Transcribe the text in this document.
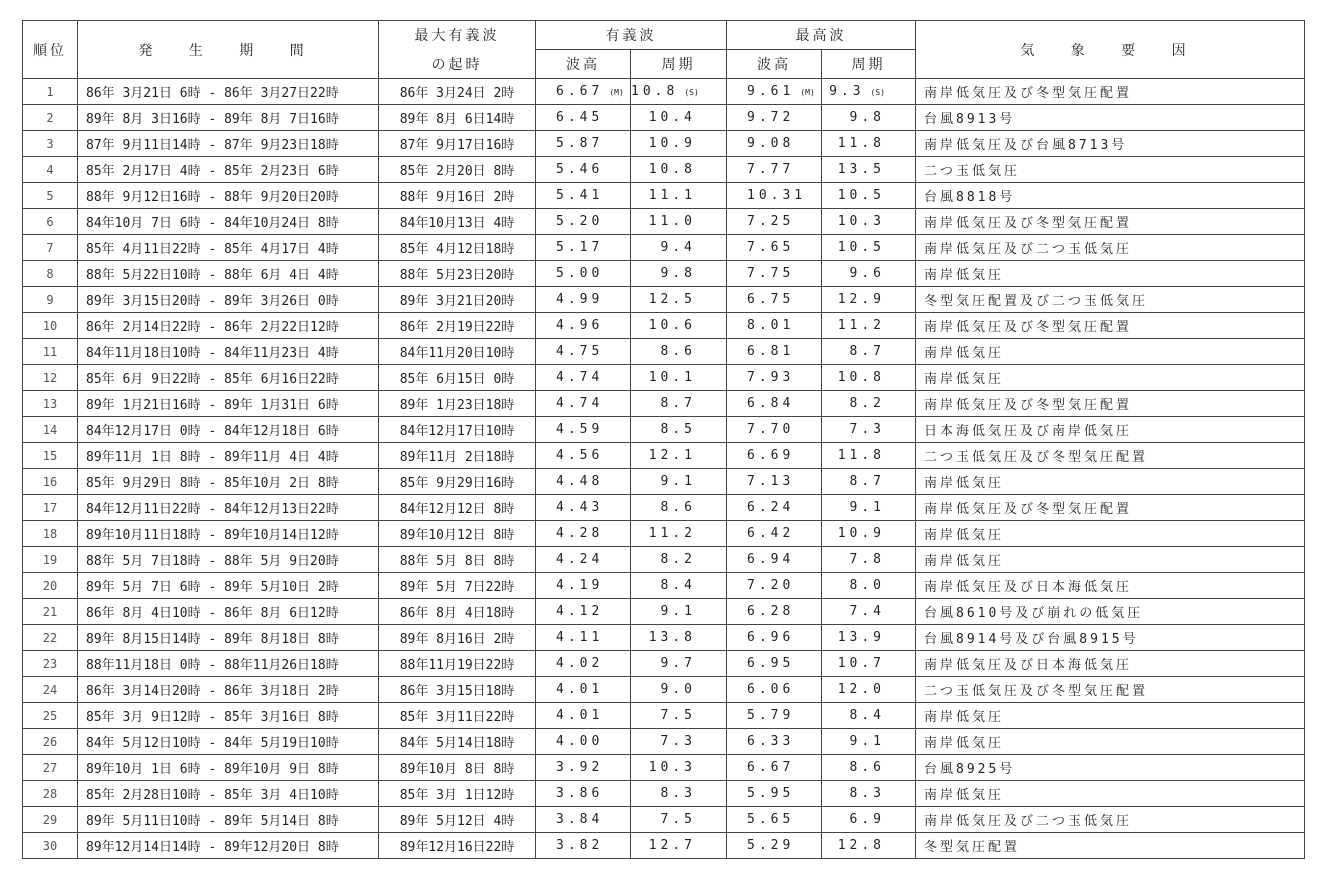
順位	発 生 期 間	最大有義波	有義波		最高波		気 象 要 因
		の起時	波高	周期	波高	周期	
1	86年 3月21日 6時 - 86年 3月27日22時	86年 3月24日 2時	6.67 (M)	10.8 (S)	9.61 (M)	9.3 (S)	南岸低気圧及び冬型気圧配置
2	89年 8月 3日16時 - 89年 8月 7日16時	89年 8月 6日14時	6.45	10.4	9.72	9.8	台風8913号
3	87年 9月11日14時 - 87年 9月23日18時	87年 9月17日16時	5.87	10.9	9.08	11.8	南岸低気圧及び台風8713号
4	85年 2月17日 4時 - 85年 2月23日 6時	85年 2月20日 8時	5.46	10.8	7.77	13.5	二つ玉低気圧
5	88年 9月12日16時 - 88年 9月20日20時	88年 9月16日 2時	5.41	11.1	10.31	10.5	台風8818号
6	84年10月 7日 6時 - 84年10月24日 8時	84年10月13日 4時	5.20	11.0	7.25	10.3	南岸低気圧及び冬型気圧配置
7	85年 4月11日22時 - 85年 4月17日 4時	85年 4月12日18時	5.17	9.4	7.65	10.5	南岸低気圧及び二つ玉低気圧
8	88年 5月22日10時 - 88年 6月 4日 4時	88年 5月23日20時	5.00	9.8	7.75	9.6	南岸低気圧
9	89年 3月15日20時 - 89年 3月26日 0時	89年 3月21日20時	4.99	12.5	6.75	12.9	冬型気圧配置及び二つ玉低気圧
10	86年 2月14日22時 - 86年 2月22日12時	86年 2月19日22時	4.96	10.6	8.01	11.2	南岸低気圧及び冬型気圧配置
11	84年11月18日10時 - 84年11月23日 4時	84年11月20日10時	4.75	8.6	6.81	8.7	南岸低気圧
12	85年 6月 9日22時 - 85年 6月16日22時	85年 6月15日 0時	4.74	10.1	7.93	10.8	南岸低気圧
13	89年 1月21日16時 - 89年 1月31日 6時	89年 1月23日18時	4.74	8.7	6.84	8.2	南岸低気圧及び冬型気圧配置
14	84年12月17日 0時 - 84年12月18日 6時	84年12月17日10時	4.59	8.5	7.70	7.3	日本海低気圧及び南岸低気圧
15	89年11月 1日 8時 - 89年11月 4日 4時	89年11月 2日18時	4.56	12.1	6.69	11.8	二つ玉低気圧及び冬型気圧配置
16	85年 9月29日 8時 - 85年10月 2日 8時	85年 9月29日16時	4.48	9.1	7.13	8.7	南岸低気圧
17	84年12月11日22時 - 84年12月13日22時	84年12月12日 8時	4.43	8.6	6.24	9.1	南岸低気圧及び冬型気圧配置
18	89年10月11日18時 - 89年10月14日12時	89年10月12日 8時	4.28	11.2	6.42	10.9	南岸低気圧
19	88年 5月 7日18時 - 88年 5月 9日20時	88年 5月 8日 8時	4.24	8.2	6.94	7.8	南岸低気圧
20	89年 5月 7日 6時 - 89年 5月10日 2時	89年 5月 7日22時	4.19	8.4	7.20	8.0	南岸低気圧及び日本海低気圧
21	86年 8月 4日10時 - 86年 8月 6日12時	86年 8月 4日18時	4.12	9.1	6.28	7.4	台風8610号及び崩れの低気圧
22	89年 8月15日14時 - 89年 8月18日 8時	89年 8月16日 2時	4.11	13.8	6.96	13.9	台風8914号及び台風8915号
23	88年11月18日 0時 - 88年11月26日18時	88年11月19日22時	4.02	9.7	6.95	10.7	南岸低気圧及び日本海低気圧
24	86年 3月14日20時 - 86年 3月18日 2時	86年 3月15日18時	4.01	9.0	6.06	12.0	二つ玉低気圧及び冬型気圧配置
25	85年 3月 9日12時 - 85年 3月16日 8時	85年 3月11日22時	4.01	7.5	5.79	8.4	南岸低気圧
26	84年 5月12日10時 - 84年 5月19日10時	84年 5月14日18時	4.00	7.3	6.33	9.1	南岸低気圧
27	89年10月 1日 6時 - 89年10月 9日 8時	89年10月 8日 8時	3.92	10.3	6.67	8.6	台風8925号
28	85年 2月28日10時 - 85年 3月 4日10時	85年 3月 1日12時	3.86	8.3	5.95	8.3	南岸低気圧
29	89年 5月11日10時 - 89年 5月14日 8時	89年 5月12日 4時	3.84	7.5	5.65	6.9	南岸低気圧及び二つ玉低気圧
30	89年12月14日14時 - 89年12月20日 8時	89年12月16日22時	3.82	12.7	5.29	12.8	冬型気圧配置
